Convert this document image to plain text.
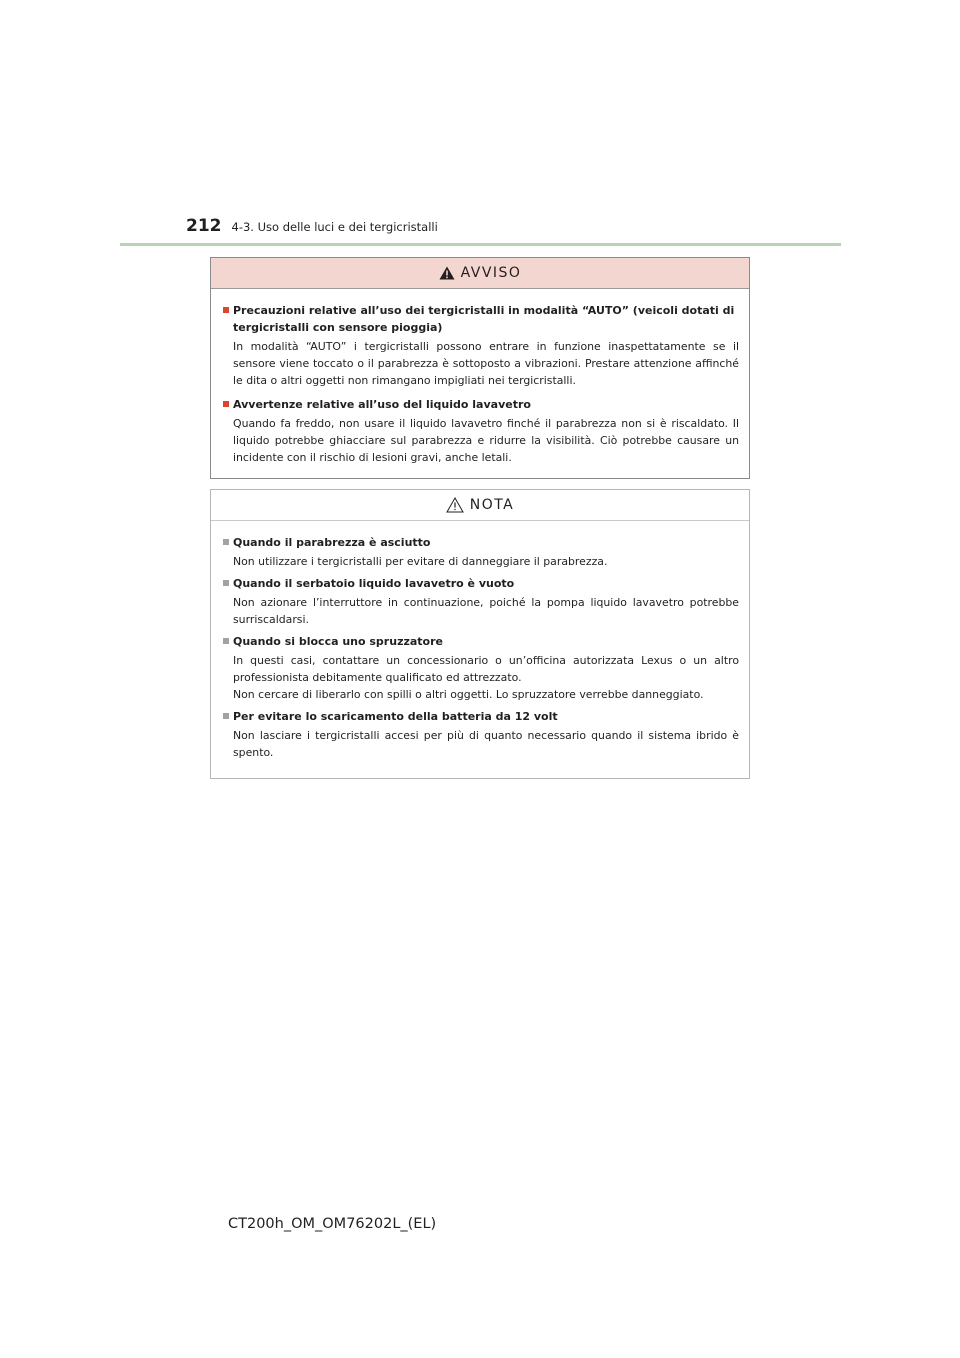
212 4-3. Uso delle luci e dei tergicristalli
AVVISO
Precauzioni relative all’uso dei tergicristalli in modalità “AUTO” (veicoli dotati di tergicristalli con sensore pioggia)
In modalità “AUTO” i tergicristalli possono entrare in funzione inaspettatamente se il sensore viene toccato o il parabrezza è sottoposto a vibrazioni. Prestare attenzione affinché le dita o altri oggetti non rimangano impigliati nei tergicristalli.
Avvertenze relative all’uso del liquido lavavetro
Quando fa freddo, non usare il liquido lavavetro finché il parabrezza non si è riscaldato. Il liquido potrebbe ghiacciare sul parabrezza e ridurre la visibilità. Ciò potrebbe causare un incidente con il rischio di lesioni gravi, anche letali.
NOTA
Quando il parabrezza è asciutto
Non utilizzare i tergicristalli per evitare di danneggiare il parabrezza.
Quando il serbatoio liquido lavavetro è vuoto
Non azionare l’interruttore in continuazione, poiché la pompa liquido lavavetro potrebbe surriscaldarsi.
Quando si blocca uno spruzzatore
In questi casi, contattare un concessionario o un’officina autorizzata Lexus o un altro professionista debitamente qualificato ed attrezzato.
Non cercare di liberarlo con spilli o altri oggetti. Lo spruzzatore verrebbe danneggiato.
Per evitare lo scaricamento della batteria da 12 volt
Non lasciare i tergicristalli accesi per più di quanto necessario quando il sistema ibrido è spento.
CT200h_OM_OM76202L_(EL)
